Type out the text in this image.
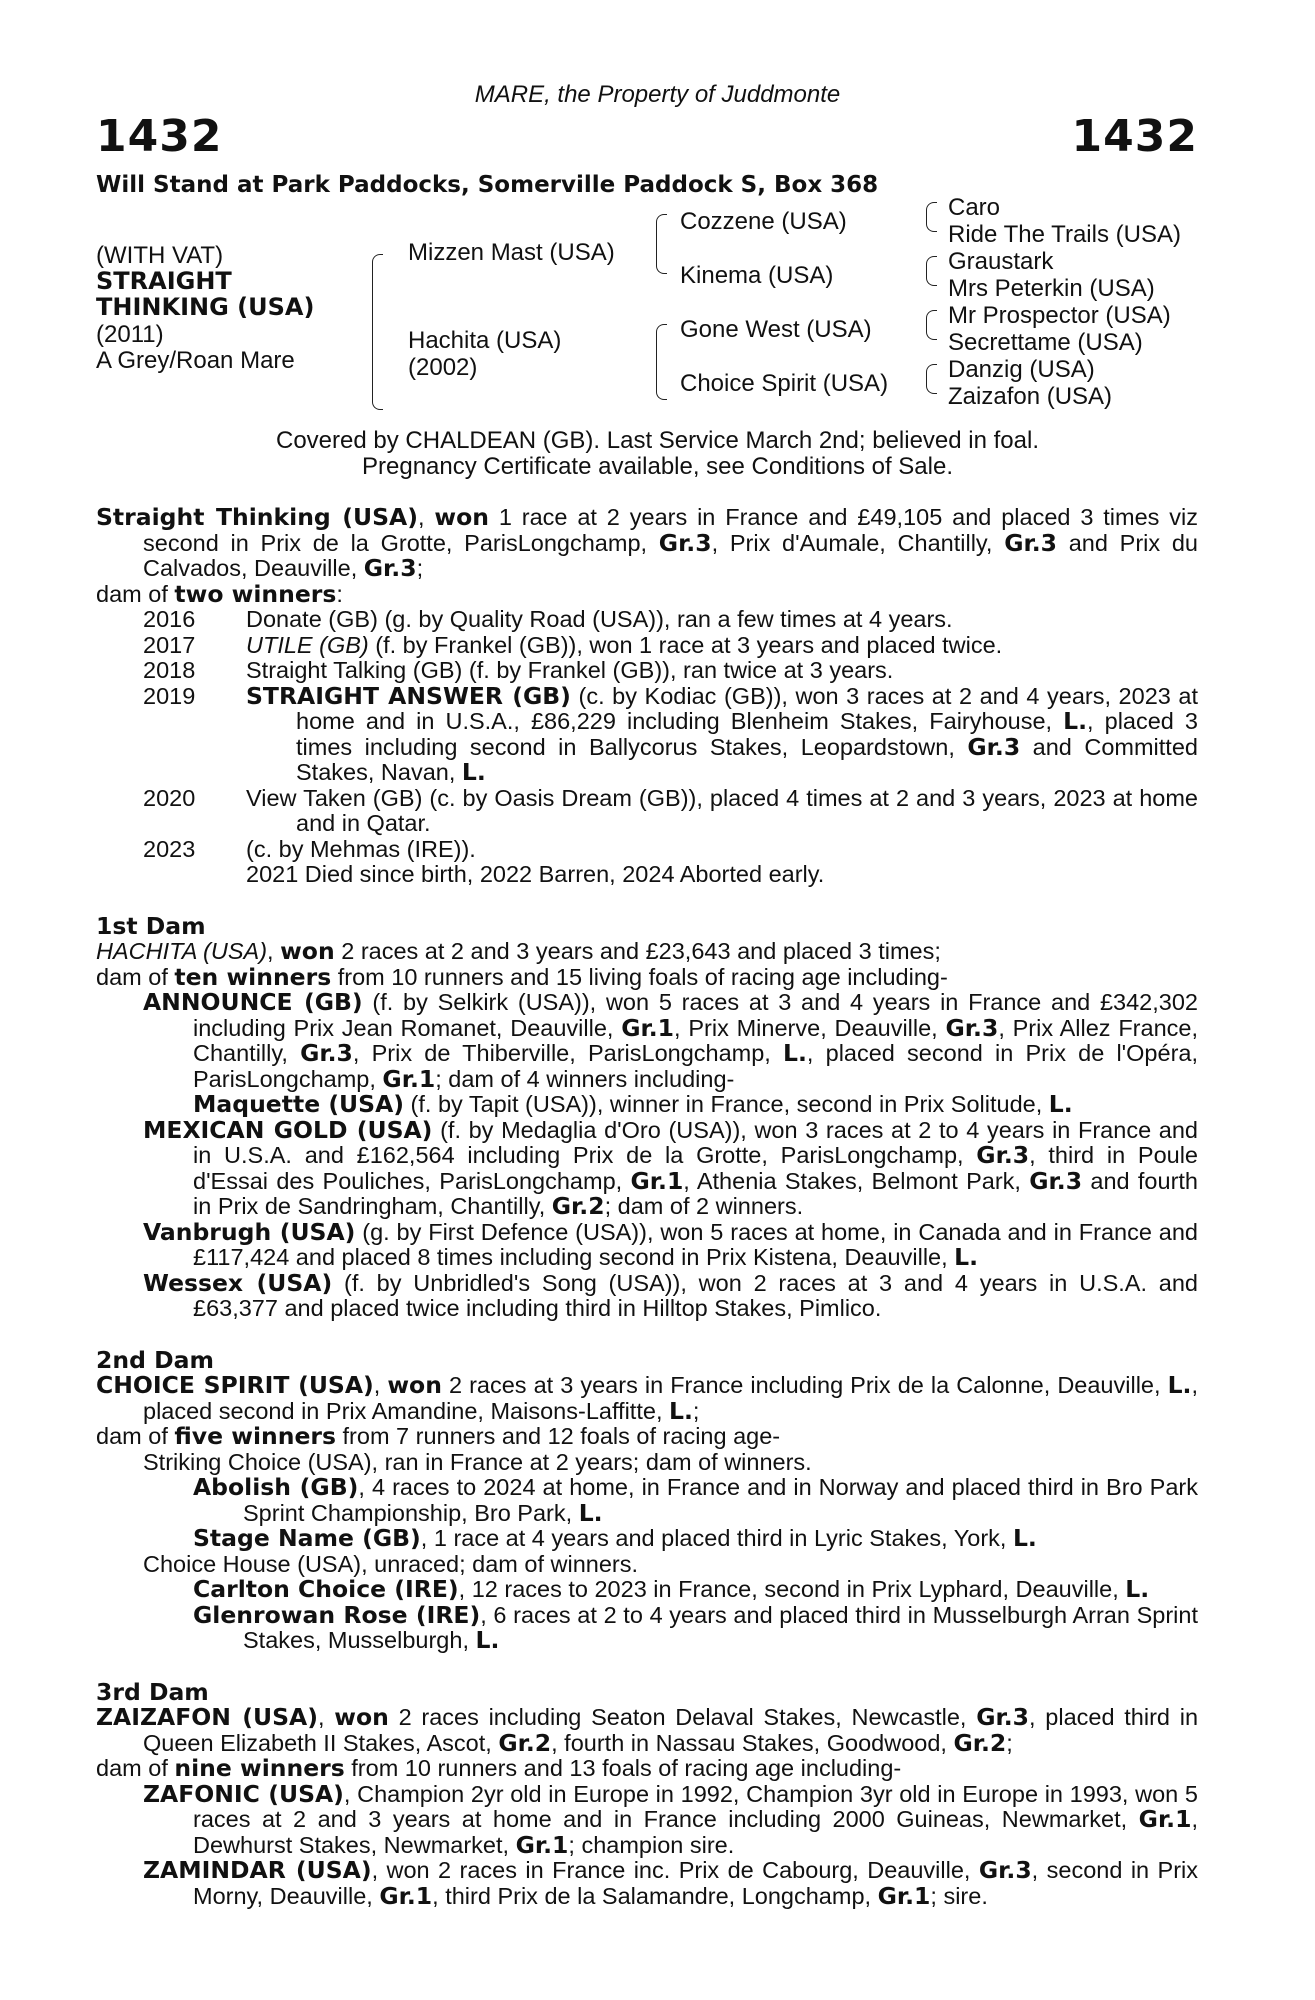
MARE, the Property of Juddmonte
1432	1432
Will Stand at Park Paddocks, Somerville Paddock S, Box 368
(WITH VAT)
STRAIGHT
THINKING (USA)
(2011)
A Grey/Roan Mare
Mizzen Mast (USA)
Hachita (USA)
(2002)
Cozzene (USA)
Kinema (USA)
Gone West (USA)
Choice Spirit (USA)
Caro
Ride The Trails (USA)
Graustark
Mrs Peterkin (USA)
Mr Prospector (USA)
Secrettame (USA)
Danzig (USA)
Zaizafon (USA)
Covered by CHALDEAN (GB). Last Service March 2nd; believed in foal.
Pregnancy Certificate available, see Conditions of Sale.
Straight Thinking (USA), won 1 race at 2 years in France and £49,105 and placed 3 times viz second in Prix de la Grotte, ParisLongchamp, Gr.3, Prix d'Aumale, Chantilly, Gr.3 and Prix du Calvados, Deauville, Gr.3;
dam of two winners:
2016	Donate (GB) (g. by Quality Road (USA)), ran a few times at 4 years.
2017	UTILE (GB) (f. by Frankel (GB)), won 1 race at 3 years and placed twice.
2018	Straight Talking (GB) (f. by Frankel (GB)), ran twice at 3 years.
2019	STRAIGHT ANSWER (GB) (c. by Kodiac (GB)), won 3 races at 2 and 4 years, 2023 at home and in U.S.A., £86,229 including Blenheim Stakes, Fairyhouse, L., placed 3 times including second in Ballycorus Stakes, Leopardstown, Gr.3 and Committed Stakes, Navan, L.
2020	View Taken (GB) (c. by Oasis Dream (GB)), placed 4 times at 2 and 3 years, 2023 at home and in Qatar.
2023	(c. by Mehmas (IRE)).
2021 Died since birth, 2022 Barren, 2024 Aborted early.
1st Dam
HACHITA (USA), won 2 races at 2 and 3 years and £23,643 and placed 3 times;
dam of ten winners from 10 runners and 15 living foals of racing age including-
ANNOUNCE (GB) (f. by Selkirk (USA)), won 5 races at 3 and 4 years in France and £342,302 including Prix Jean Romanet, Deauville, Gr.1, Prix Minerve, Deauville, Gr.3, Prix Allez France, Chantilly, Gr.3, Prix de Thiberville, ParisLongchamp, L., placed second in Prix de l'Opéra, ParisLongchamp, Gr.1; dam of 4 winners including-
Maquette (USA) (f. by Tapit (USA)), winner in France, second in Prix Solitude, L.
MEXICAN GOLD (USA) (f. by Medaglia d'Oro (USA)), won 3 races at 2 to 4 years in France and in U.S.A. and £162,564 including Prix de la Grotte, ParisLongchamp, Gr.3, third in Poule d'Essai des Pouliches, ParisLongchamp, Gr.1, Athenia Stakes, Belmont Park, Gr.3 and fourth in Prix de Sandringham, Chantilly, Gr.2; dam of 2 winners.
Vanbrugh (USA) (g. by First Defence (USA)), won 5 races at home, in Canada and in France and £117,424 and placed 8 times including second in Prix Kistena, Deauville, L.
Wessex (USA) (f. by Unbridled's Song (USA)), won 2 races at 3 and 4 years in U.S.A. and £63,377 and placed twice including third in Hilltop Stakes, Pimlico.
2nd Dam
CHOICE SPIRIT (USA), won 2 races at 3 years in France including Prix de la Calonne, Deauville, L., placed second in Prix Amandine, Maisons-Laffitte, L.;
dam of five winners from 7 runners and 12 foals of racing age-
Striking Choice (USA), ran in France at 2 years; dam of winners.
Abolish (GB), 4 races to 2024 at home, in France and in Norway and placed third in Bro Park Sprint Championship, Bro Park, L.
Stage Name (GB), 1 race at 4 years and placed third in Lyric Stakes, York, L.
Choice House (USA), unraced; dam of winners.
Carlton Choice (IRE), 12 races to 2023 in France, second in Prix Lyphard, Deauville, L.
Glenrowan Rose (IRE), 6 races at 2 to 4 years and placed third in Musselburgh Arran Sprint Stakes, Musselburgh, L.
3rd Dam
ZAIZAFON (USA), won 2 races including Seaton Delaval Stakes, Newcastle, Gr.3, placed third in Queen Elizabeth II Stakes, Ascot, Gr.2, fourth in Nassau Stakes, Goodwood, Gr.2;
dam of nine winners from 10 runners and 13 foals of racing age including-
ZAFONIC (USA), Champion 2yr old in Europe in 1992, Champion 3yr old in Europe in 1993, won 5 races at 2 and 3 years at home and in France including 2000 Guineas, Newmarket, Gr.1, Dewhurst Stakes, Newmarket, Gr.1; champion sire.
ZAMINDAR (USA), won 2 races in France inc. Prix de Cabourg, Deauville, Gr.3, second in Prix Morny, Deauville, Gr.1, third Prix de la Salamandre, Longchamp, Gr.1; sire.
